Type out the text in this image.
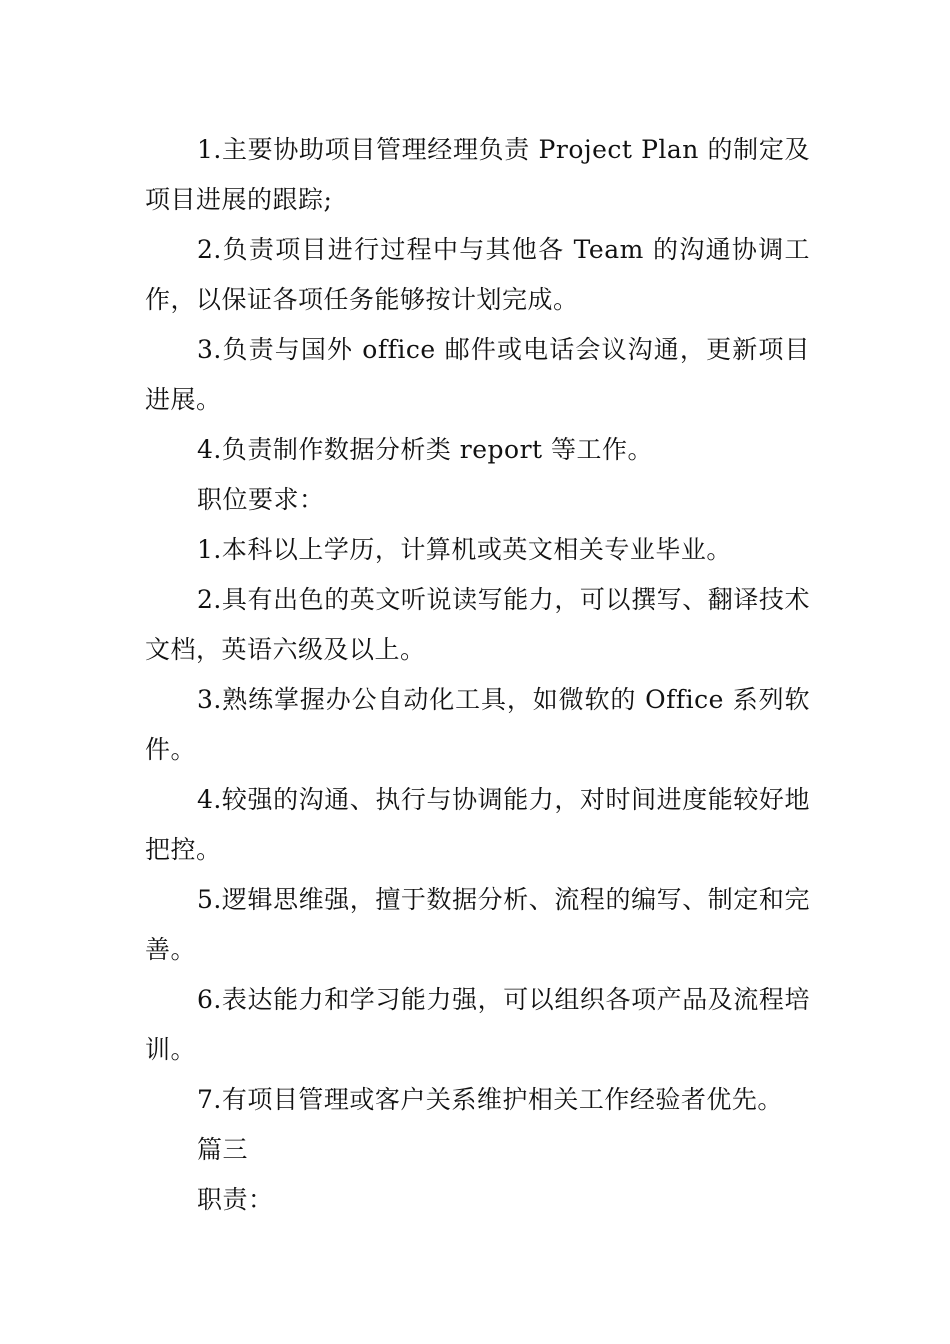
1.主要协助项目管理经理负责 Project Plan 的制定及项目进展的跟踪;

2.负责项目进行过程中与其他各 Team 的沟通协调工作，以保证各项任务能够按计划完成。

3.负责与国外 office 邮件或电话会议沟通，更新项目进展。

4.负责制作数据分析类 report 等工作。

职位要求：

1.本科以上学历，计算机或英文相关专业毕业。

2.具有出色的英文听说读写能力，可以撰写、翻译技术文档，英语六级及以上。

3.熟练掌握办公自动化工具，如微软的 Office 系列软件。

4.较强的沟通、执行与协调能力，对时间进度能较好地把控。

5.逻辑思维强，擅于数据分析、流程的编写、制定和完善。

6.表达能力和学习能力强，可以组织各项产品及流程培训。

7.有项目管理或客户关系维护相关工作经验者优先。

篇三

职责：
